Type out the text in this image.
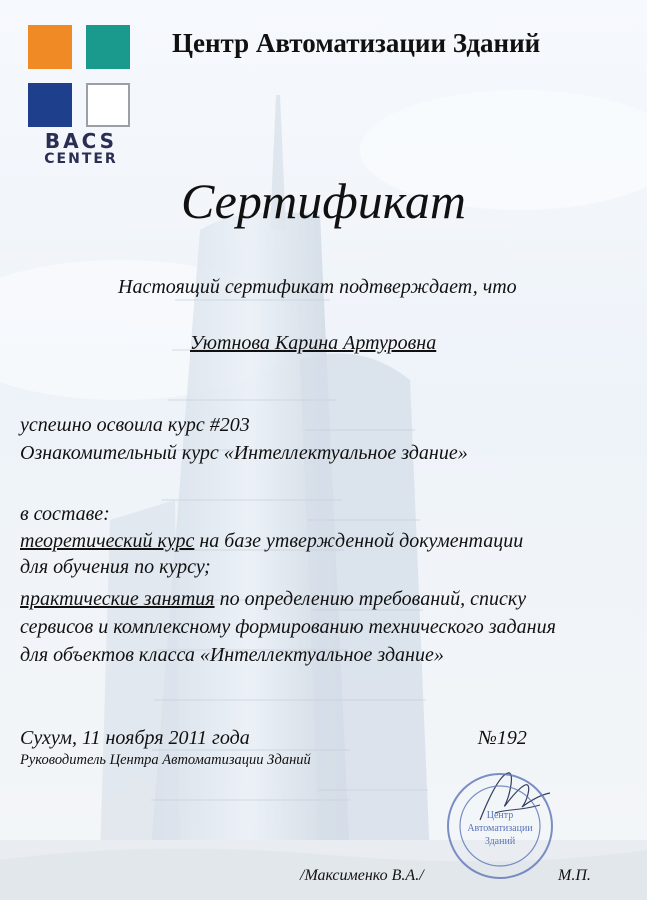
BACS
CENTER
Центр Автоматизации Зданий
Сертификат
Настоящий сертификат подтверждает, что
Уютнова Карина Артуровна
успешно освоила курс #203
Ознакомительный курс «Интеллектуальное здание»
в составе:
теоретический курс на базе утвержденной документации
для обучения по курсу;
практические занятия по определению требований, списку
сервисов и комплексному формированию технического задания
для объектов класса «Интеллектуальное здание»
Сухум, 11 ноября 2011 года	№192
Руководитель Центра Автоматизации Зданий
Центр
Автоматизации
Зданий
/Максименко В.А./	М.П.
